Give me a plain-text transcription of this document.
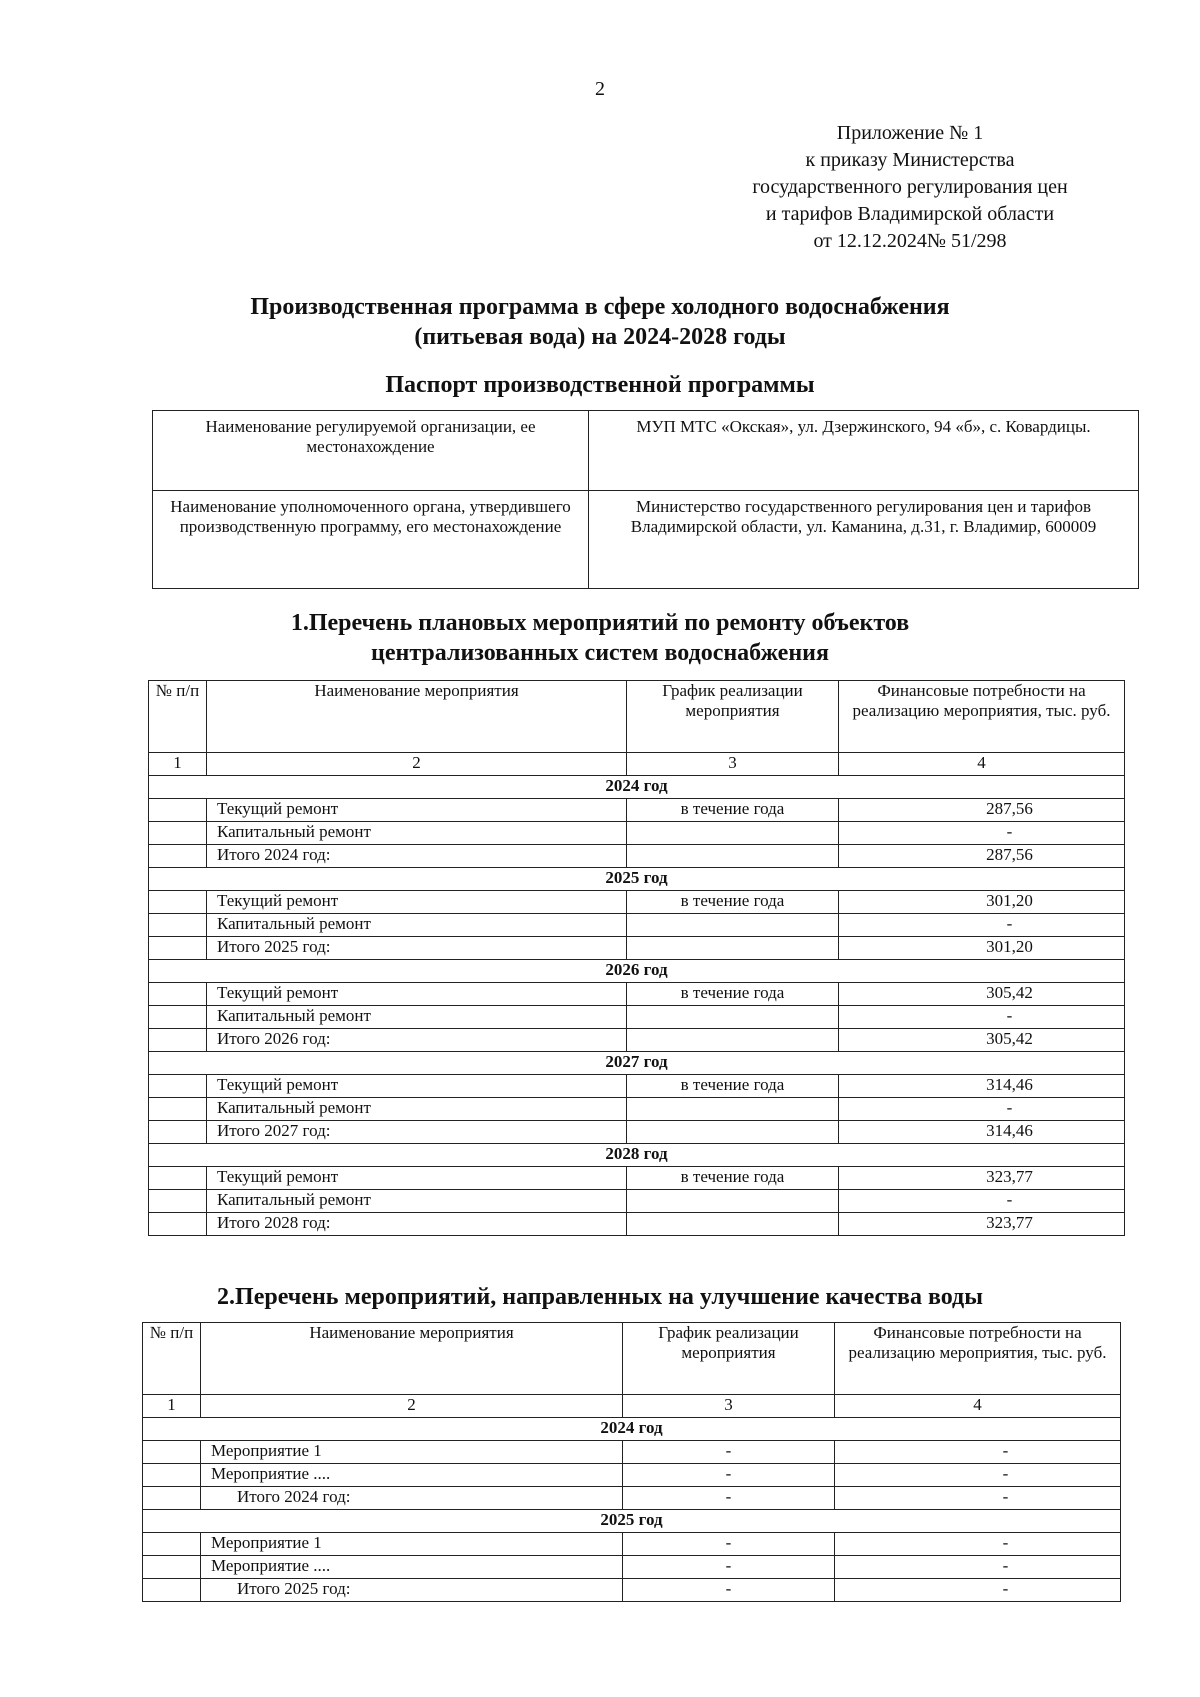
2
Приложение № 1
к приказу Министерства
государственного регулирования цен
и тарифов Владимирской области
от 12.12.2024№ 51/298
Производственная программа в сфере холодного водоснабжения
(питьевая вода) на 2024-2028 годы
Паспорт производственной программы
Наименование регулируемой организации, ее местонахождение	МУП МТС «Окская», ул. Дзержинского, 94 «б», с. Ковардицы.
Наименование уполномоченного органа, утвердившего производственную программу, его местонахождение	Министерство государственного регулирования цен и тарифов Владимирской области, ул. Каманина, д.31, г. Владимир, 600009
1.Перечень плановых мероприятий по ремонту объектов
централизованных систем водоснабжения
№ п/п	Наименование мероприятия	График реализации мероприятия	Финансовые потребности на реализацию мероприятия, тыс. руб.
1	2	3	4
2024 год			
	Текущий ремонт	в течение года	287,56
	Капитальный ремонт		-
	Итого 2024 год:		287,56
2025 год			
	Текущий ремонт	в течение года	301,20
	Капитальный ремонт		-
	Итого 2025 год:		301,20
2026 год			
	Текущий ремонт	в течение года	305,42
	Капитальный ремонт		-
	Итого 2026 год:		305,42
2027 год			
	Текущий ремонт	в течение года	314,46
	Капитальный ремонт		-
	Итого 2027 год:		314,46
2028 год			
	Текущий ремонт	в течение года	323,77
	Капитальный ремонт		-
	Итого 2028 год:		323,77
2.Перечень мероприятий, направленных на улучшение качества воды
№ п/п	Наименование мероприятия	График реализации мероприятия	Финансовые потребности на реализацию мероприятия, тыс. руб.
1	2	3	4
2024 год			
	Мероприятие 1	-	-
	Мероприятие ....	-	-
	Итого 2024 год:	-	-
2025 год			
	Мероприятие 1	-	-
	Мероприятие ....	-	-
	Итого 2025 год:	-	-
